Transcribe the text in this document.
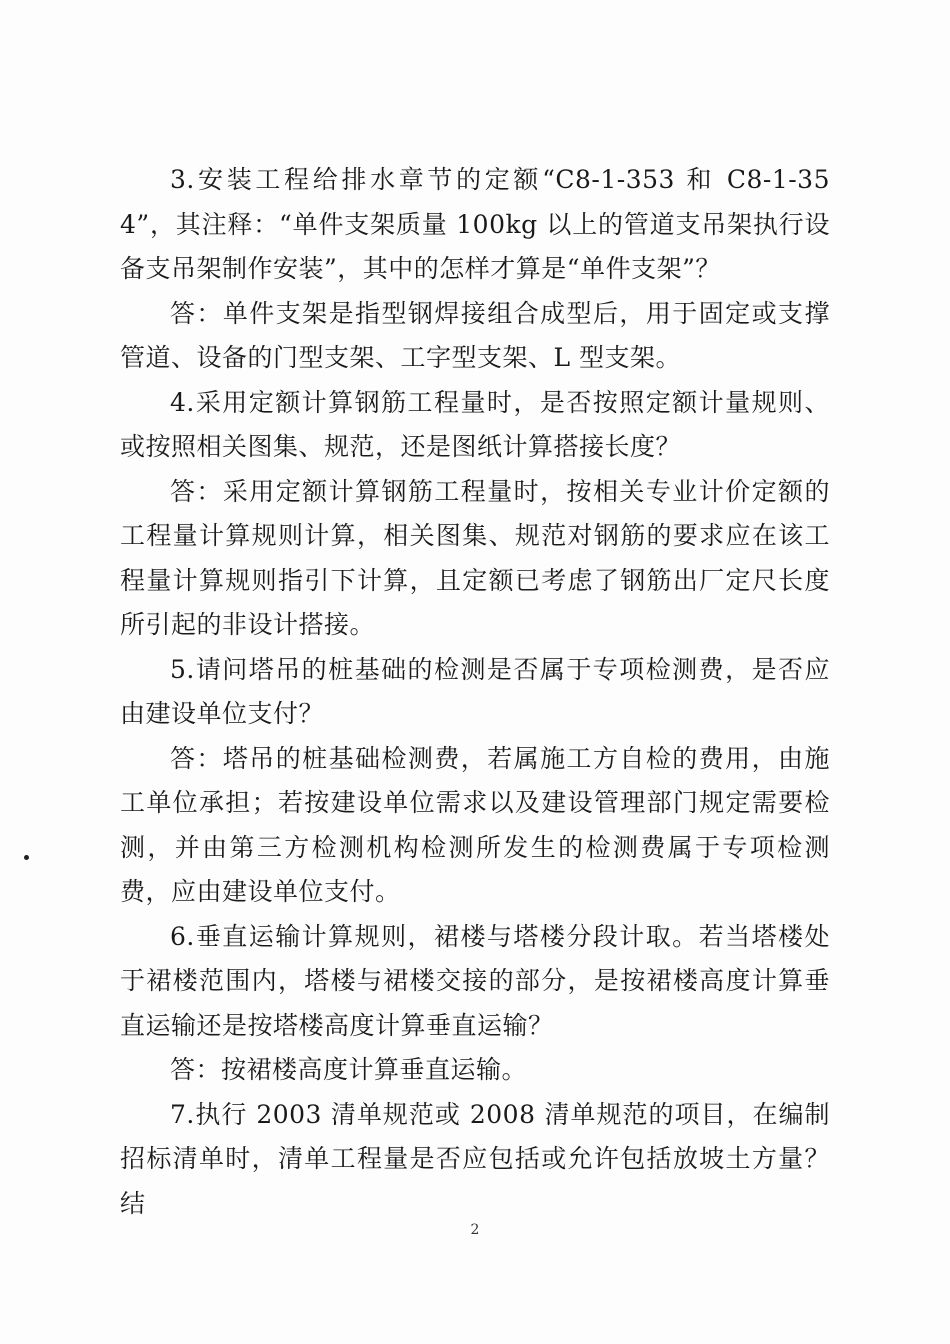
3.安装工程给排水章节的定额“C8-1-353 和 C8-1-354”，其注释：“单件支架质量 100kg 以上的管道支吊架执行设备支吊架制作安装”，其中的怎样才算是“单件支架”？

答：单件支架是指型钢焊接组合成型后，用于固定或支撑管道、设备的门型支架、工字型支架、L 型支架。

4.采用定额计算钢筋工程量时，是否按照定额计量规则、或按照相关图集、规范，还是图纸计算搭接长度？

答：采用定额计算钢筋工程量时，按相关专业计价定额的工程量计算规则计算，相关图集、规范对钢筋的要求应在该工程量计算规则指引下计算，且定额已考虑了钢筋出厂定尺长度所引起的非设计搭接。

5.请问塔吊的桩基础的检测是否属于专项检测费，是否应由建设单位支付？

答：塔吊的桩基础检测费，若属施工方自检的费用，由施工单位承担；若按建设单位需求以及建设管理部门规定需要检测，并由第三方检测机构检测所发生的检测费属于专项检测费，应由建设单位支付。

6.垂直运输计算规则，裙楼与塔楼分段计取。若当塔楼处于裙楼范围内，塔楼与裙楼交接的部分，是按裙楼高度计算垂直运输还是按塔楼高度计算垂直运输？

答：按裙楼高度计算垂直运输。

7.执行 2003 清单规范或 2008 清单规范的项目，在编制招标清单时，清单工程量是否应包括或允许包括放坡土方量？结

2
